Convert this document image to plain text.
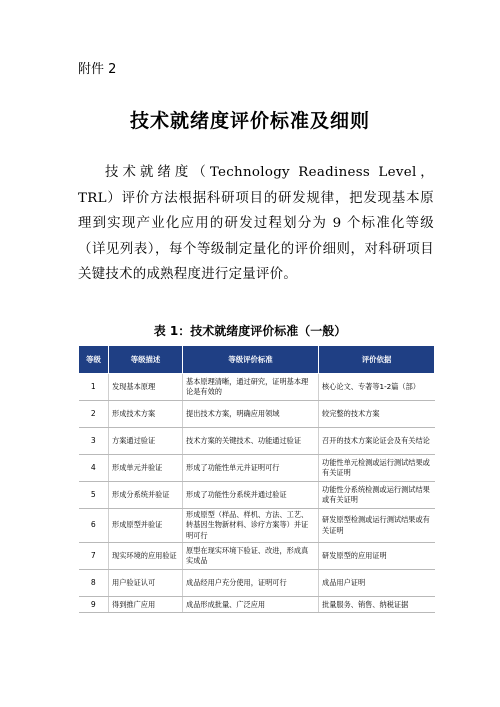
附件 2
技术就绪度评价标准及细则
技术就绪度（Technology Readiness Level，TRL）评价方法根据科研项目的研发规律，把发现基本原理到实现产业化应用的研发过程划分为 9 个标准化等级（详见列表），每个等级制定量化的评价细则，对科研项目关键技术的成熟程度进行定量评价。
表 1：技术就绪度评价标准（一般）
等级	等级描述	等级评价标准	评价依据
1	发现基本原理	基本原理清晰，通过研究，证明基本理论是有效的	核心论文、专著等1-2篇（部）
2	形成技术方案	提出技术方案，明确应用领域	较完整的技术方案
3	方案通过验证	技术方案的关键技术、功能通过验证	召开的技术方案论证会及有关结论
4	形成单元并验证	形成了功能性单元并证明可行	功能性单元检测或运行测试结果或有关证明
5	形成分系统并验证	形成了功能性分系统并通过验证	功能性分系统检测或运行测试结果或有关证明
6	形成原型并验证	形成原型（样品、样机、方法、工艺、转基因生物新材料、诊疗方案等）并证明可行	研发原型检测或运行测试结果或有关证明
7	现实环境的应用验证	原型在现实环境下验证、改进，形成真实成品	研发原型的应用证明
8	用户验证认可	成品经用户充分使用，证明可行	成品用户证明
9	得到推广应用	成品形成批量、广泛应用	批量服务、销售、纳税证据
